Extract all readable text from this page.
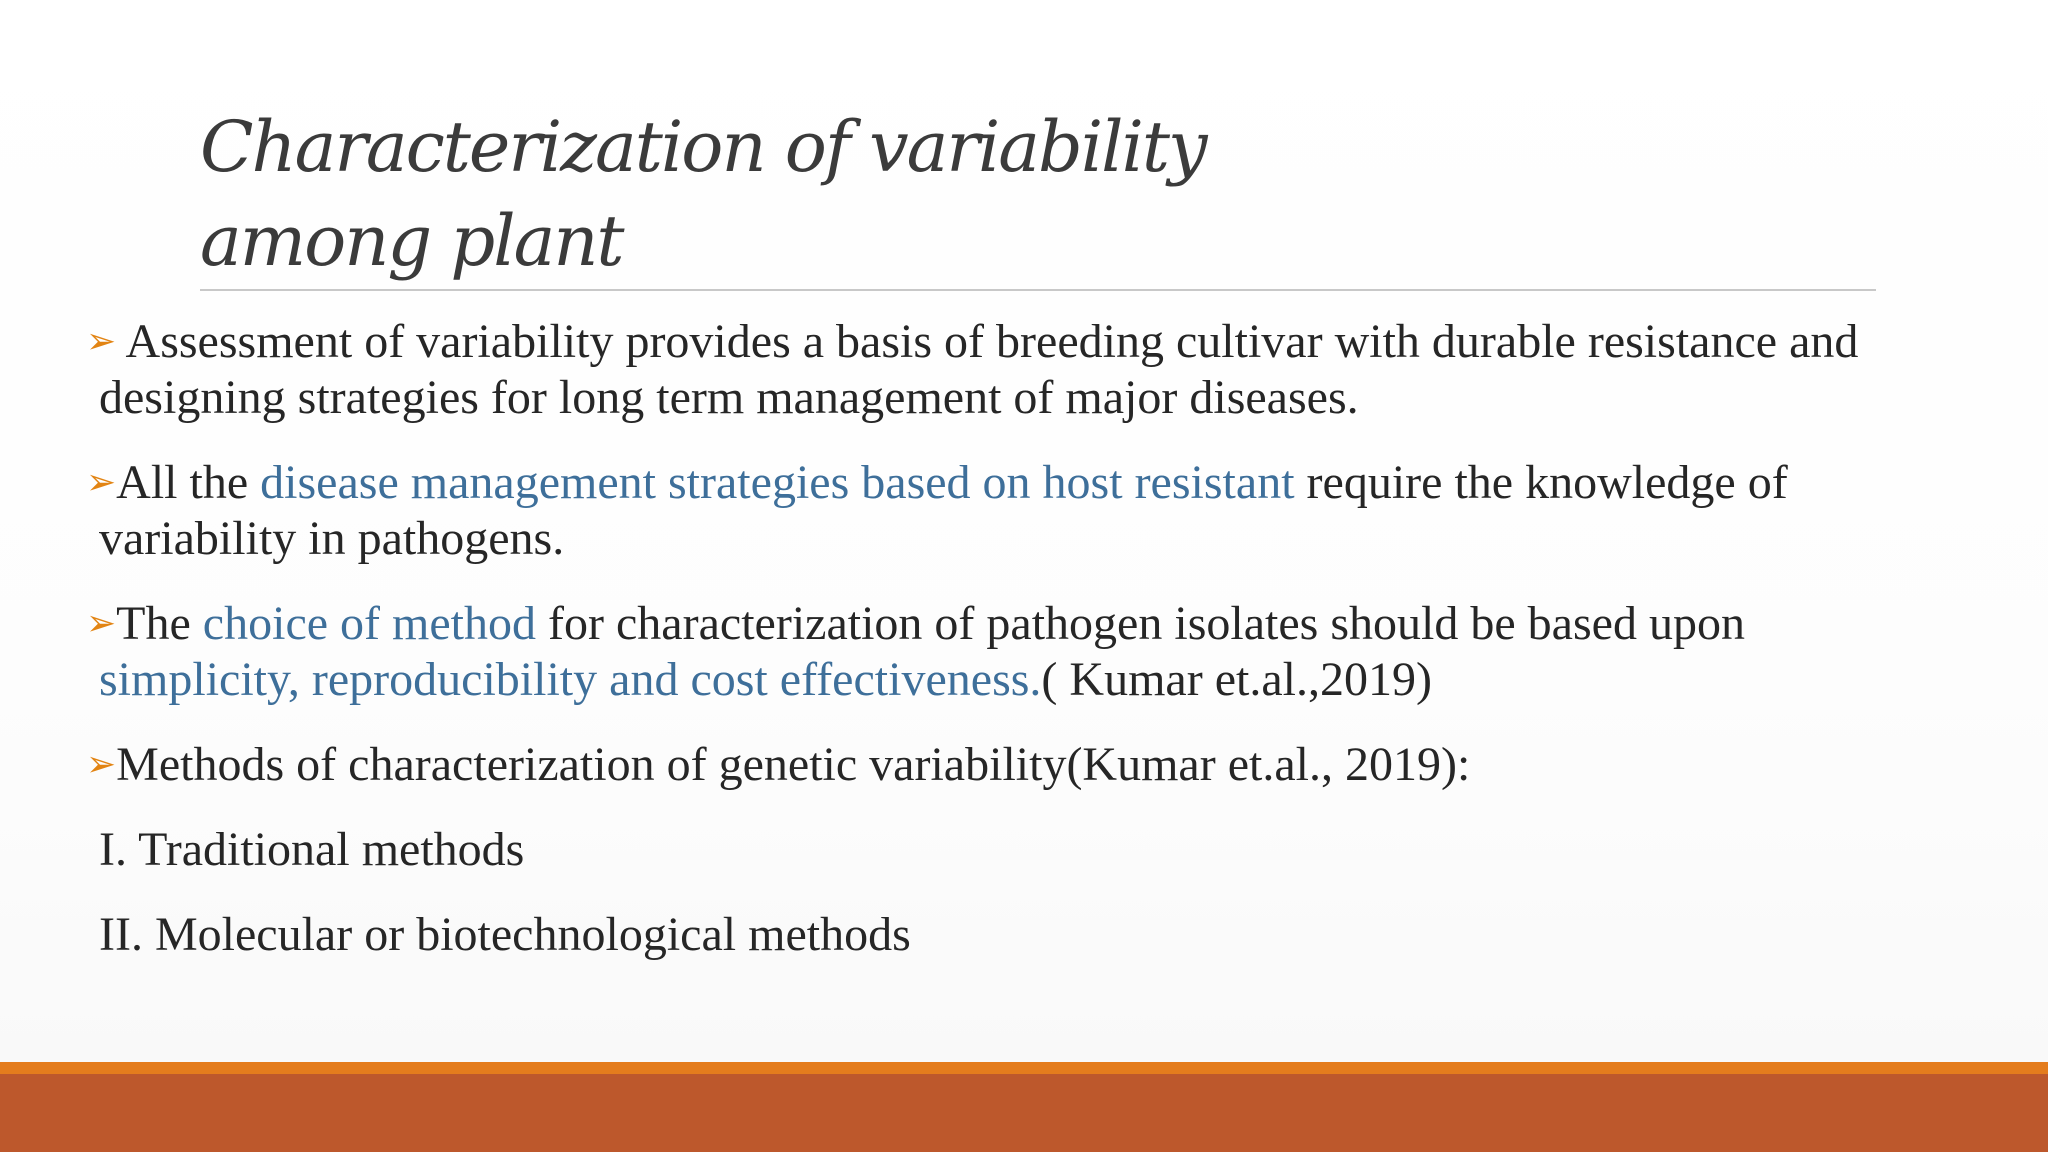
Characterization of variability
among plant
➢ Assessment of variability provides a basis of breeding cultivar with durable resistance and
designing strategies for long term management of major diseases.
➢All the disease management strategies based on host resistant require the knowledge of
variability in pathogens.
➢The choice of method for characterization of pathogen isolates should be based upon
simplicity, reproducibility and cost effectiveness.( Kumar et.al.,2019)
➢Methods of characterization of genetic variability(Kumar et.al., 2019):
I. Traditional methods
II. Molecular or biotechnological methods
